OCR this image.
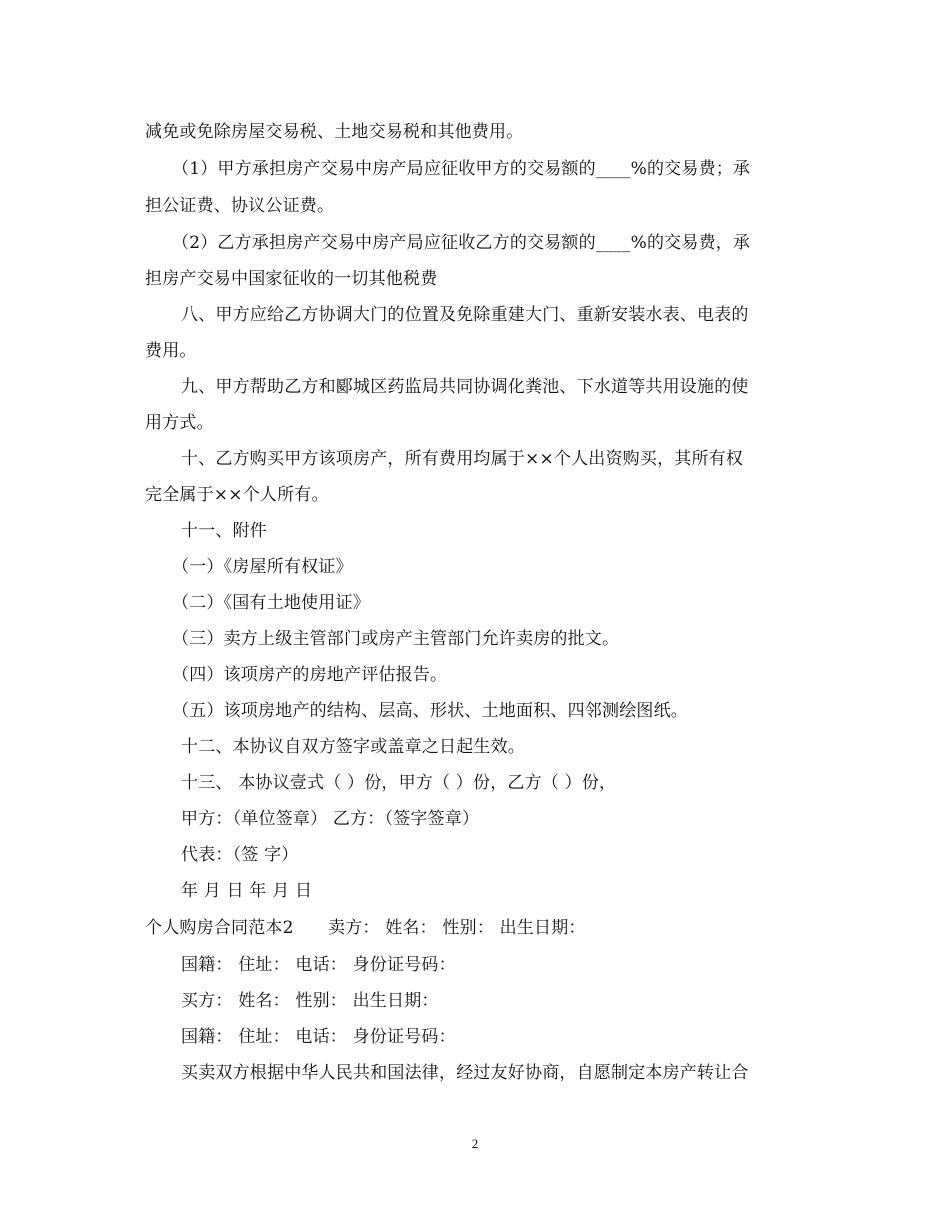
减免或免除房屋交易税、土地交易税和其他费用。
（1）甲方承担房产交易中房产局应征收甲方的交易额的____%的交易费；承
担公证费、协议公证费。
（2）乙方承担房产交易中房产局应征收乙方的交易额的____%的交易费，承
担房产交易中国家征收的一切其他税费
八、甲方应给乙方协调大门的位置及免除重建大门、重新安装水表、电表的
费用。
九、甲方帮助乙方和郾城区药监局共同协调化粪池、下水道等共用设施的使
用方式。
十、乙方购买甲方该项房产，所有费用均属于××个人出资购买，其所有权
完全属于××个人所有。
十一、附件
（一）《房屋所有权证》
（二）《国有土地使用证》
（三）卖方上级主管部门或房产主管部门允许卖房的批文。
（四）该项房产的房地产评估报告。
（五）该项房地产的结构、层高、形状、土地面积、四邻测绘图纸。
十二、本协议自双方签字或盖章之日起生效。
十三、 本协议壹式（ ）份，甲方（ ）份，乙方（ ）份，
甲方：（单位签章） 乙方：（签字签章）
代表：（签 字）
年 月 日 年 月 日
个人购房合同范本2　　卖方： 姓名： 性别： 出生日期：
国籍： 住址： 电话： 身份证号码：
买方： 姓名： 性别： 出生日期：
国籍： 住址： 电话： 身份证号码：
买卖双方根据中华人民共和国法律，经过友好协商，自愿制定本房产转让合
2
